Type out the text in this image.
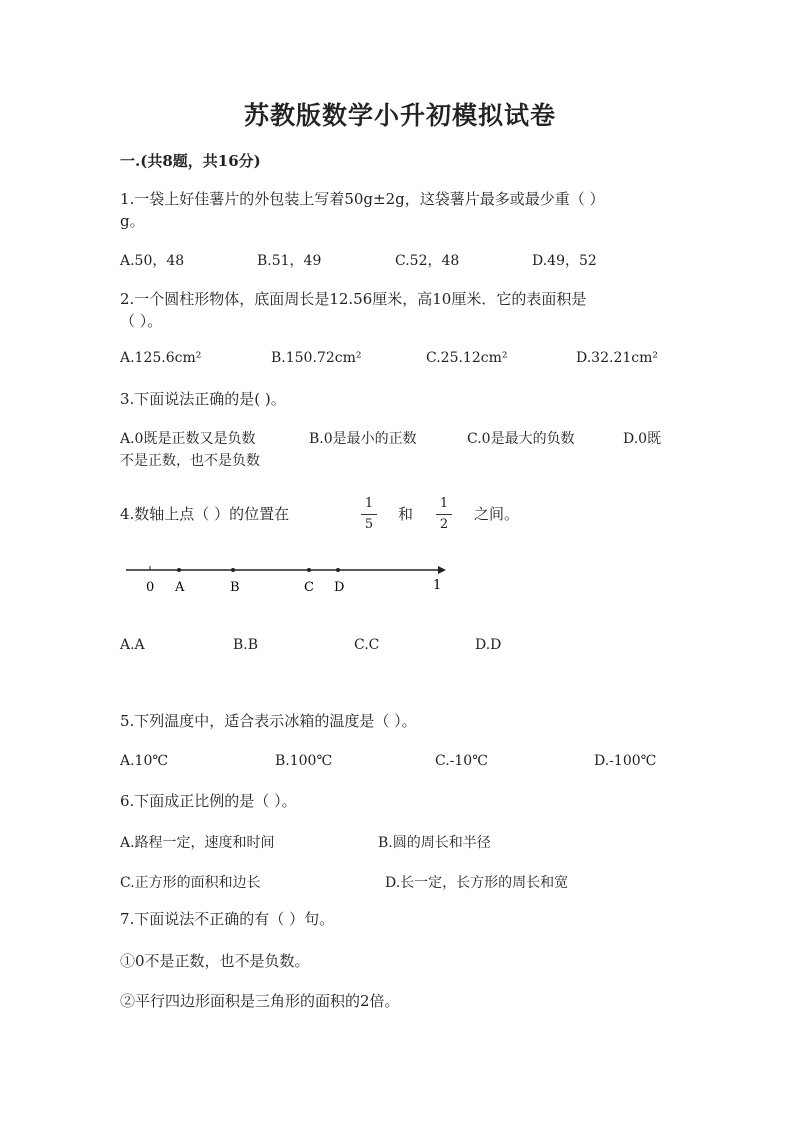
苏教版数学小升初模拟试卷
一.(共8题，共16分)
1.一袋上好佳薯片的外包装上写着50g±2g，这袋薯片最多或最少重（ ）
g。
A.50，48	B.51，49	C.52，48	D.49，52
2.一个圆柱形物体，底面周长是12.56厘米，高10厘米．它的表面积是
（ ）。
A.125.6cm²	B.150.72cm²	C.25.12cm²	D.32.21cm²
3.下面说法正确的是( )。
A.0既是正数又是负数	B.0是最小的正数	C.0是最大的负数	D.0既
不是正数，也不是负数
4.数轴上点（ ）的位置在
1
5
和
1
2
之间。
0 A	B	C D	1
A.A	B.B	C.C	D.D
5.下列温度中，适合表示冰箱的温度是（ ）。
A.10℃	B.100℃	C.-10℃	D.-100℃
6.下面成正比例的是（ ）。
A.路程一定，速度和时间	B.圆的周长和半径
C.正方形的面积和边长	D.长一定，长方形的周长和宽
7.下面说法不正确的有（ ）句。
①0不是正数，也不是负数。
②平行四边形面积是三角形的面积的2倍。
